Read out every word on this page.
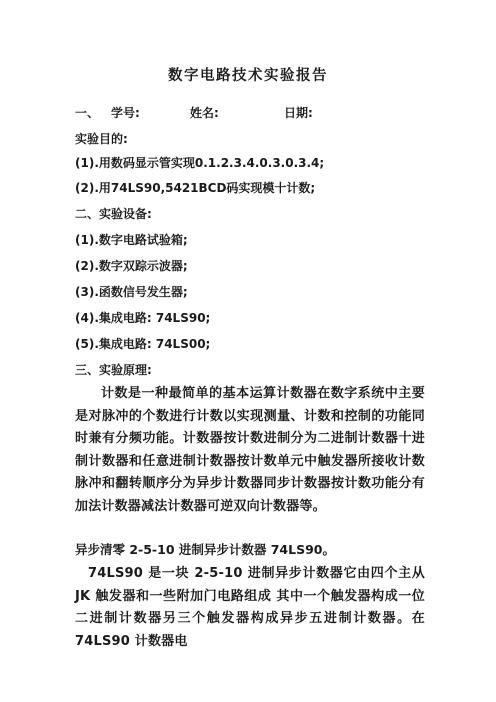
数字电路技术实验报告
一、 学号:	姓名:	日期:
实验目的:
(1).用数码显示管实现0.1.2.3.4.0.3.0.3.4;
(2).用74LS90,5421BCD码实现模十计数;
二、实验设备:
(1).数字电路试验箱;
(2).数字双踪示波器;
(3).函数信号发生器;
(4).集成电路: 74LS90;
(5).集成电路: 74LS00;
三、实验原理:
计数是一种最简单的基本运算计数器在数字系统中主要是对脉冲的个数进行计数以实现测量、计数和控制的功能同时兼有分频功能。计数器按计数进制分为二进制计数器十进制计数器和任意进制计数器按计数单元中触发器所接收计数脉冲和翻转顺序分为异步计数器同步计数器按计数功能分有加法计数器减法计数器可逆双向计数器等。
异步清零 2-5-10 进制异步计数器 74LS90。
74LS90 是一块 2-5-10 进制异步计数器它由四个主从 JK 触发器和一些附加门电路组成 其中一个触发器构成一位二进制计数器另三个触发器构成异步五进制计数器。在 74LS90 计数器电
